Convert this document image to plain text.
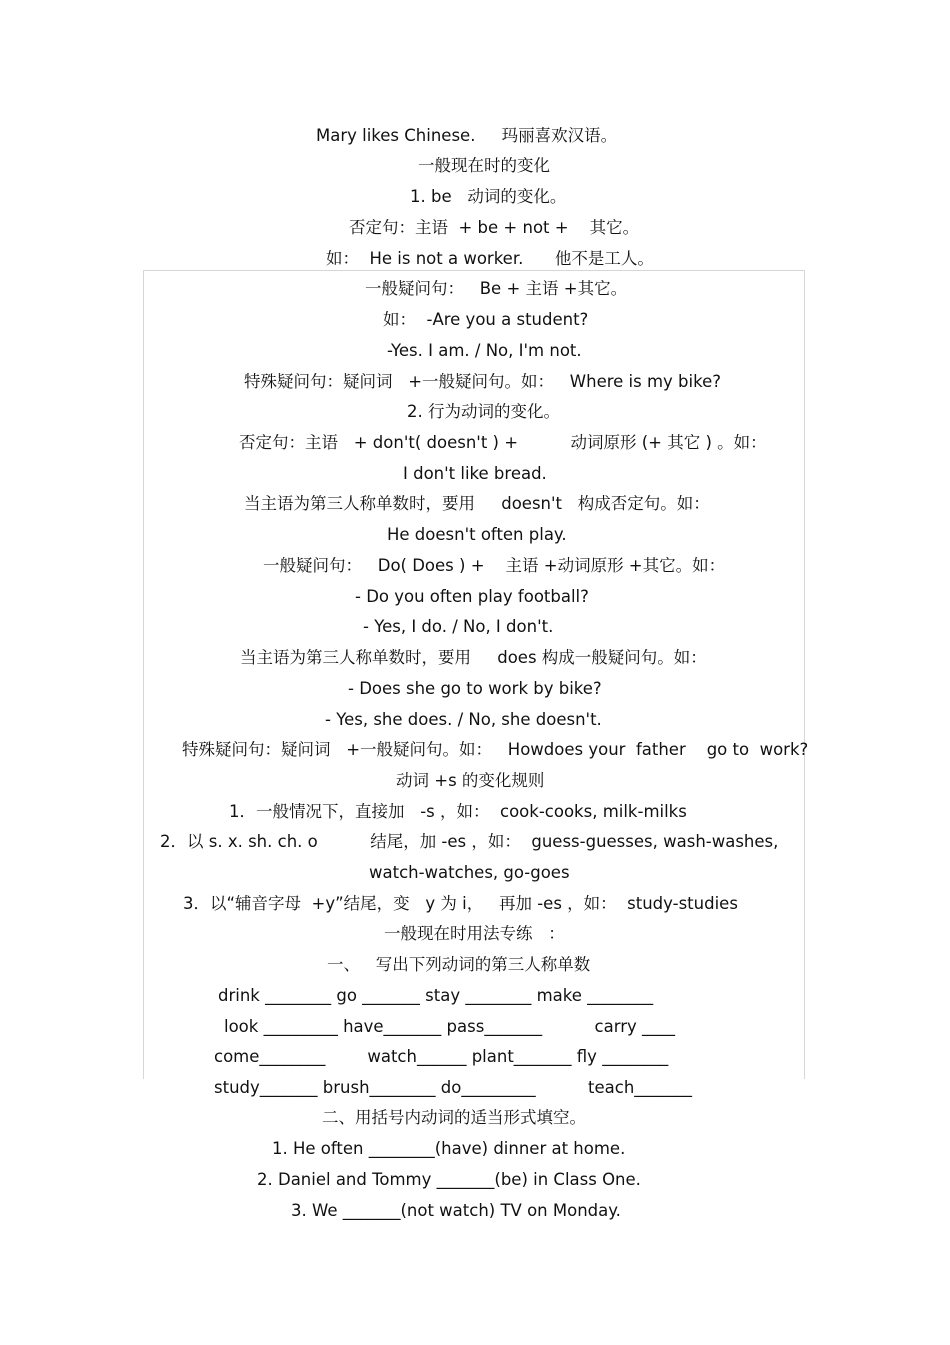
Mary likes Chinese.     玛丽喜欢汉语。
一般现在时的变化
1. be   动词的变化。
否定句：主语  + be + not +    其它。
如：  He is not a worker.      他不是工人。
一般疑问句：   Be + 主语 +其它。
如：  -Are you a student?
-Yes. I am. / No, I'm not.
特殊疑问句：疑问词   +一般疑问句。如：   Where is my bike?
2. 行为动词的变化。
否定句：主语   + don't( doesn't ) +          动词原形 (+ 其它 ) 。如：
I don't like bread.
当主语为第三人称单数时，要用     doesn't   构成否定句。如：
He doesn't often play.
一般疑问句：   Do( Does ) +    主语 +动词原形 +其它。如：
- Do you often play football?
- Yes, I do. / No, I don't.
当主语为第三人称单数时，要用     does 构成一般疑问句。如：
- Does she go to work by bike?
- Yes, she does. / No, she doesn't.
特殊疑问句：疑问词   +一般疑问句。如：   Howdoes your  father    go to  work?
动词 +s 的变化规则
1．一般情况下，直接加   -s ，如：  cook-cooks, milk-milks
2．以 s. x. sh. ch. o          结尾，加 -es ，如：  guess-guesses, wash-washes,
watch-watches, go-goes
3．以“辅音字母  +y”结尾，变   y 为 i，   再加 -es ，如：  study-studies
一般现在时用法专练   ：
一、   写出下列动词的第三人称单数
drink ________ go _______ stay ________ make ________
look _________ have_______ pass_______          carry ____
come________        watch______ plant_______ fly ________
study_______ brush________ do_________          teach_______
二、用括号内动词的适当形式填空。
1. He often ________(have) dinner at home.
2. Daniel and Tommy _______(be) in Class One.
3. We _______(not watch) TV on Monday.
